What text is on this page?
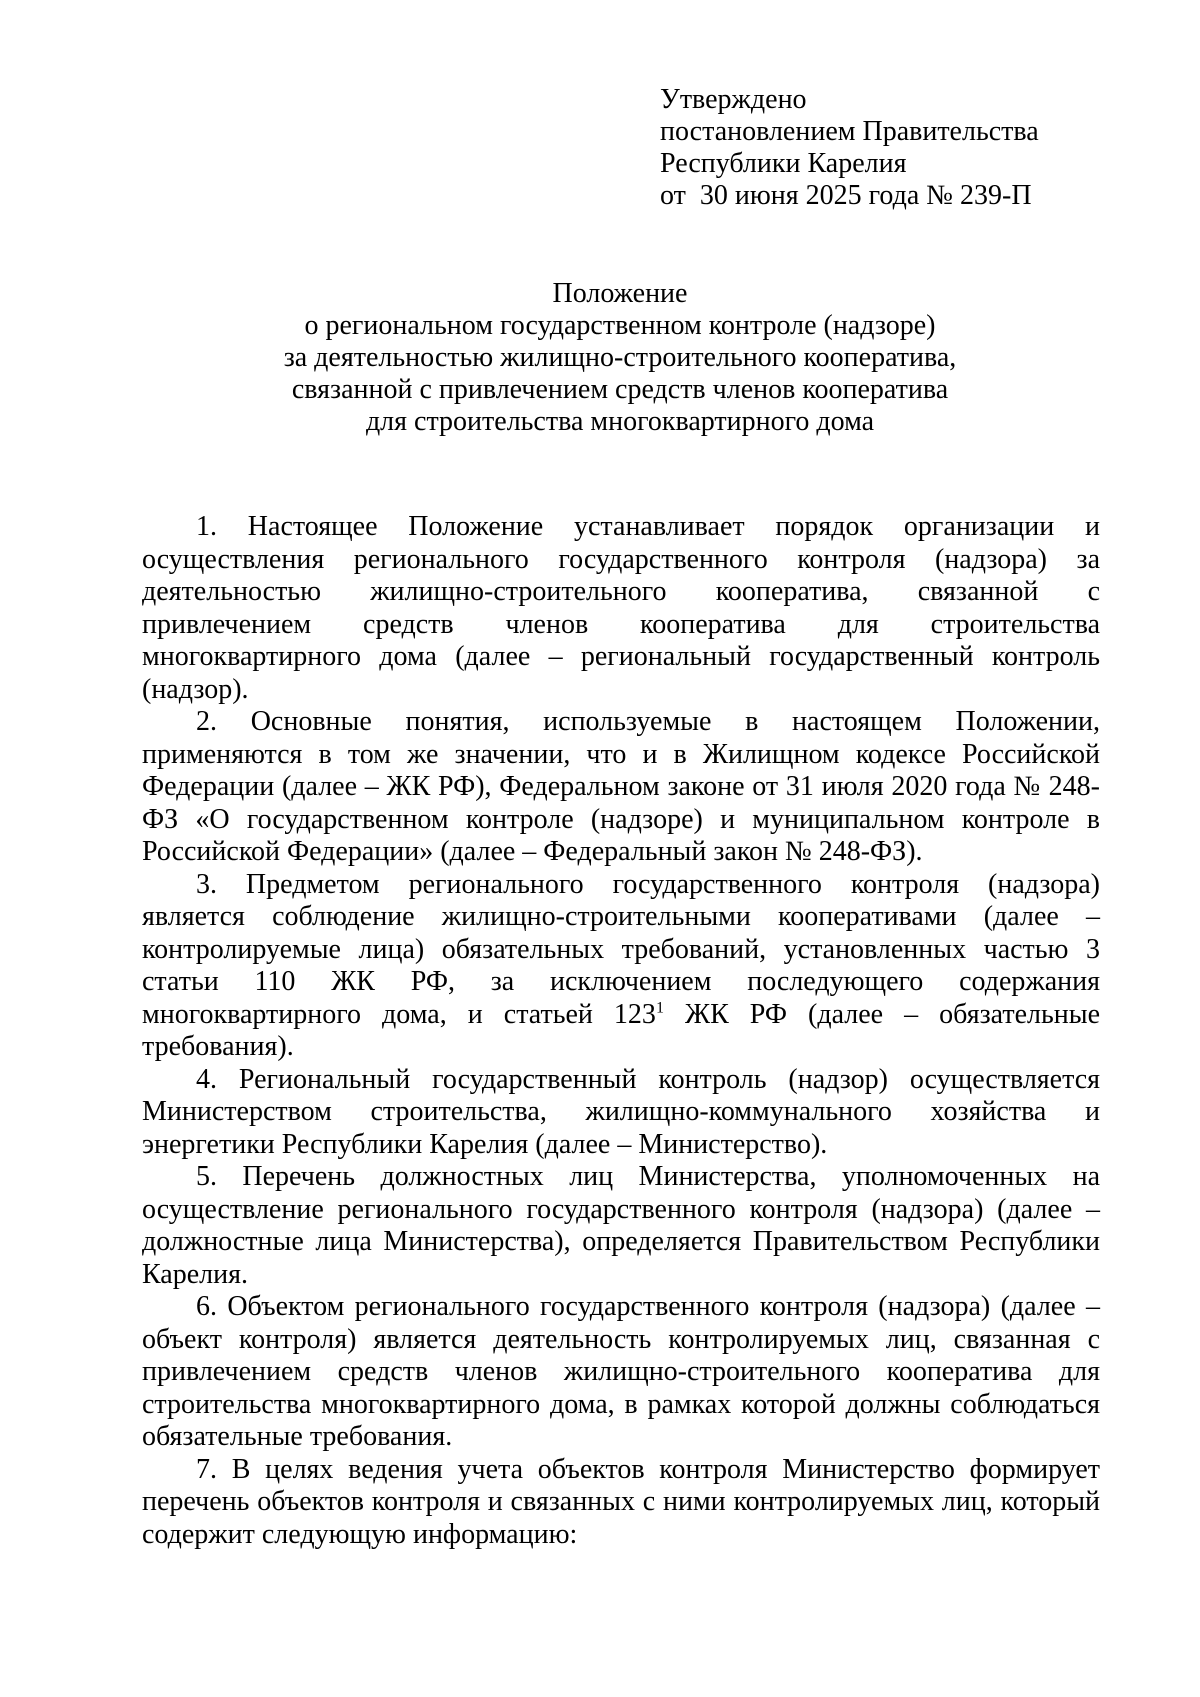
Утверждено
постановлением Правительства
Республики Карелия
от  30 июня 2025 года № 239-П
Положение
о региональном государственном контроле (надзоре)
за деятельностью жилищно-строительного кооператива,
связанной с привлечением средств членов кооператива
для строительства многоквартирного дома

1. Настоящее Положение устанавливает порядок организации и осуществления регионального государственного контроля (надзора) за деятельностью жилищно-строительного кооператива, связанной с привлечением средств членов кооператива для строительства многоквартирного дома (далее – региональный государственный контроль (надзор).

2. Основные понятия, используемые в настоящем Положении, применяются в том же значении, что и в Жилищном кодексе Российской Федерации (далее – ЖК РФ), Федеральном законе от 31 июля 2020 года № 248-ФЗ «О государственном контроле (надзоре) и муниципальном контроле в Российской Федерации» (далее – Федеральный закон № 248-ФЗ).

3. Предметом регионального государственного контроля (надзора) является соблюдение жилищно-строительными кооперативами (далее – контролируемые лица) обязательных требований, установленных частью 3 статьи 110 ЖК РФ, за исключением последующего содержания многоквартирного дома, и статьей $123^1$ ЖК РФ (далее – обязательные требования).

4. Региональный государственный контроль (надзор) осуществляется Министерством строительства, жилищно-коммунального хозяйства и энергетики Республики Карелия (далее – Министерство).

5. Перечень должностных лиц Министерства, уполномоченных на осуществление регионального государственного контроля (надзора) (далее – должностные лица Министерства), определяется Правительством Республики Карелия.

6. Объектом регионального государственного контроля (надзора) (далее – объект контроля) является деятельность контролируемых лиц, связанная с привлечением средств членов жилищно-строительного кооператива для строительства многоквартирного дома, в рамках которой должны соблюдаться обязательные требования.

7. В целях ведения учета объектов контроля Министерство формирует перечень объектов контроля и связанных с ними контролируемых лиц, который содержит следующую информацию:
